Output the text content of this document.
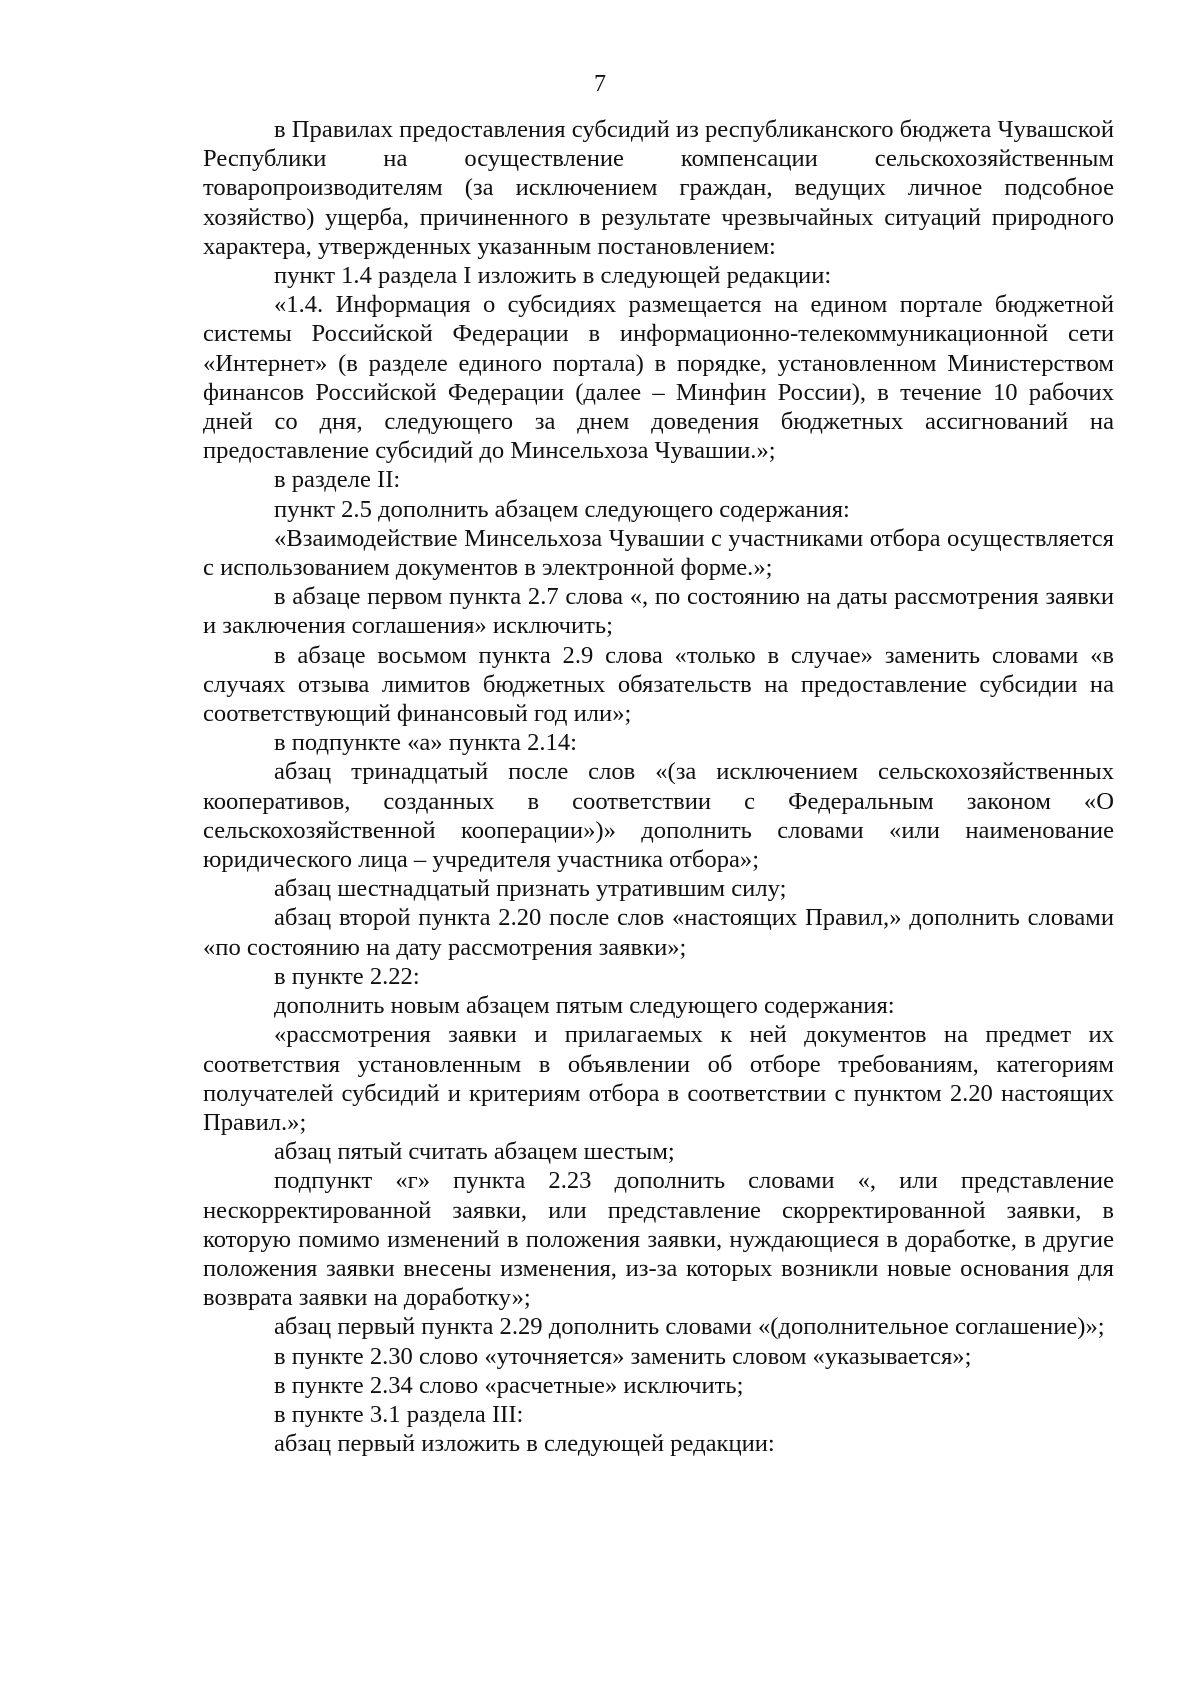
7

в Правилах предоставления субсидий из республиканского бюджета Чувашской Республики на осуществление компенсации сельскохозяйственным товаропроизводителям (за исключением граждан, ведущих личное подсобное хозяйство) ущерба, причиненного в результате чрезвычайных ситуаций природного характера, утвержденных указанным постановлением:

пункт 1.4 раздела I изложить в следующей редакции:

«1.4. Информация о субсидиях размещается на едином портале бюджетной системы Российской Федерации в информационно-телекоммуникационной сети «Интернет» (в разделе единого портала) в порядке, установленном Министерством финансов Российской Федерации (далее – Минфин России), в течение 10 рабочих дней со дня, следующего за днем доведения бюджетных ассигнований на предоставление субсидий до Минсельхоза Чувашии.»;

в разделе II:

пункт 2.5 дополнить абзацем следующего содержания:

«Взаимодействие Минсельхоза Чувашии с участниками отбора осуществляется с использованием документов в электронной форме.»;

в абзаце первом пункта 2.7 слова «, по состоянию на даты рассмотрения заявки и заключения соглашения» исключить;

в абзаце восьмом пункта 2.9 слова «только в случае» заменить словами «в случаях отзыва лимитов бюджетных обязательств на предоставление субсидии на соответствующий финансовый год или»;

в подпункте «а» пункта 2.14:

абзац тринадцатый после слов «(за исключением сельскохозяйственных кооперативов, созданных в соответствии с Федеральным законом «О сельскохозяйственной кооперации»)» дополнить словами «или наименование юридического лица – учредителя участника отбора»;

абзац шестнадцатый признать утратившим силу;

абзац второй пункта 2.20 после слов «настоящих Правил,» дополнить словами «по состоянию на дату рассмотрения заявки»;

в пункте 2.22:

дополнить новым абзацем пятым следующего содержания:

«рассмотрения заявки и прилагаемых к ней документов на предмет их соответствия установленным в объявлении об отборе требованиям, категориям получателей субсидий и критериям отбора в соответствии с пунктом 2.20 настоящих Правил.»;

абзац пятый считать абзацем шестым;

подпункт «г» пункта 2.23 дополнить словами «, или представление нескорректированной заявки, или представление скорректированной заявки, в которую помимо изменений в положения заявки, нуждающиеся в доработке, в другие положения заявки внесены изменения, из-за которых возникли новые основания для возврата заявки на доработку»;

абзац первый пункта 2.29 дополнить словами «(дополнительное соглашение)»;

в пункте 2.30 слово «уточняется» заменить словом «указывается»;

в пункте 2.34 слово «расчетные» исключить;

в пункте 3.1 раздела III:

абзац первый изложить в следующей редакции:
